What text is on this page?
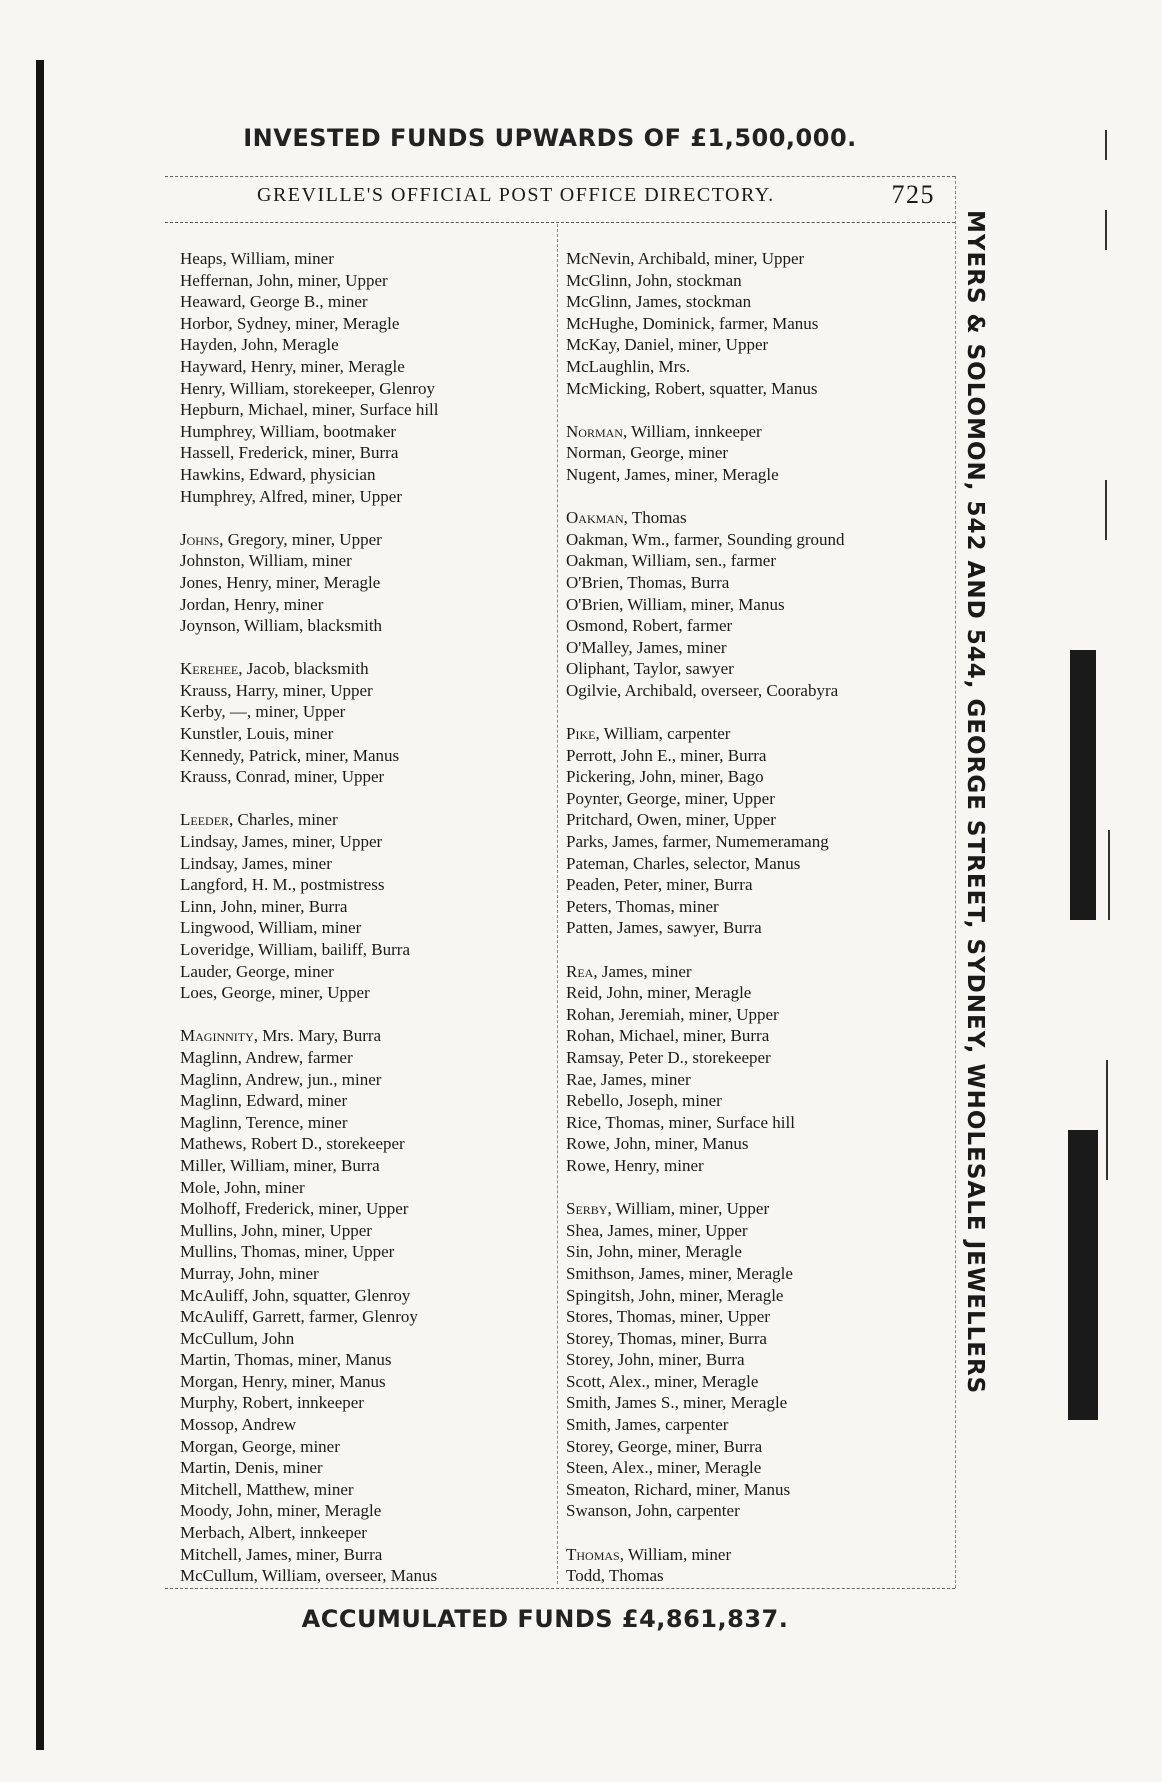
INVESTED FUNDS UPWARDS OF £1,500,000.
GREVILLE'S OFFICIAL POST OFFICE DIRECTORY.	725
Heaps, William, miner
Heffernan, John, miner, Upper
Heaward, George B., miner
Horbor, Sydney, miner, Meragle
Hayden, John, Meragle
Hayward, Henry, miner, Meragle
Henry, William, storekeeper, Glenroy
Hepburn, Michael, miner, Surface hill
Humphrey, William, bootmaker
Hassell, Frederick, miner, Burra
Hawkins, Edward, physician
Humphrey, Alfred, miner, Upper
Johns, Gregory, miner, Upper
Johnston, William, miner
Jones, Henry, miner, Meragle
Jordan, Henry, miner
Joynson, William, blacksmith
Kerehee, Jacob, blacksmith
Krauss, Harry, miner, Upper
Kerby, —, miner, Upper
Kunstler, Louis, miner
Kennedy, Patrick, miner, Manus
Krauss, Conrad, miner, Upper
Leeder, Charles, miner
Lindsay, James, miner, Upper
Lindsay, James, miner
Langford, H. M., postmistress
Linn, John, miner, Burra
Lingwood, William, miner
Loveridge, William, bailiff, Burra
Lauder, George, miner
Loes, George, miner, Upper
Maginnity, Mrs. Mary, Burra
Maglinn, Andrew, farmer
Maglinn, Andrew, jun., miner
Maglinn, Edward, miner
Maglinn, Terence, miner
Mathews, Robert D., storekeeper
Miller, William, miner, Burra
Mole, John, miner
Molhoff, Frederick, miner, Upper
Mullins, John, miner, Upper
Mullins, Thomas, miner, Upper
Murray, John, miner
McAuliff, John, squatter, Glenroy
McAuliff, Garrett, farmer, Glenroy
McCullum, John
Martin, Thomas, miner, Manus
Morgan, Henry, miner, Manus
Murphy, Robert, innkeeper
Mossop, Andrew
Morgan, George, miner
Martin, Denis, miner
Mitchell, Matthew, miner
Moody, John, miner, Meragle
Merbach, Albert, innkeeper
Mitchell, James, miner, Burra
McCullum, William, overseer, Manus
McNevin, Archibald, miner, Upper
McGlinn, John, stockman
McGlinn, James, stockman
McHughe, Dominick, farmer, Manus
McKay, Daniel, miner, Upper
McLaughlin, Mrs.
McMicking, Robert, squatter, Manus
Norman, William, innkeeper
Norman, George, miner
Nugent, James, miner, Meragle
Oakman, Thomas
Oakman, Wm., farmer, Sounding ground
Oakman, William, sen., farmer
O'Brien, Thomas, Burra
O'Brien, William, miner, Manus
Osmond, Robert, farmer
O'Malley, James, miner
Oliphant, Taylor, sawyer
Ogilvie, Archibald, overseer, Coorabyra
Pike, William, carpenter
Perrott, John E., miner, Burra
Pickering, John, miner, Bago
Poynter, George, miner, Upper
Pritchard, Owen, miner, Upper
Parks, James, farmer, Numemeramang
Pateman, Charles, selector, Manus
Peaden, Peter, miner, Burra
Peters, Thomas, miner
Patten, James, sawyer, Burra
Rea, James, miner
Reid, John, miner, Meragle
Rohan, Jeremiah, miner, Upper
Rohan, Michael, miner, Burra
Ramsay, Peter D., storekeeper
Rae, James, miner
Rebello, Joseph, miner
Rice, Thomas, miner, Surface hill
Rowe, John, miner, Manus
Rowe, Henry, miner
Serby, William, miner, Upper
Shea, James, miner, Upper
Sin, John, miner, Meragle
Smithson, James, miner, Meragle
Spingitsh, John, miner, Meragle
Stores, Thomas, miner, Upper
Storey, Thomas, miner, Burra
Storey, John, miner, Burra
Scott, Alex., miner, Meragle
Smith, James S., miner, Meragle
Smith, James, carpenter
Storey, George, miner, Burra
Steen, Alex., miner, Meragle
Smeaton, Richard, miner, Manus
Swanson, John, carpenter
Thomas, William, miner
Todd, Thomas
ACCUMULATED FUNDS £4,861,837.
MYERS & SOLOMON, 542 AND 544, GEORGE STREET, SYDNEY, WHOLESALE JEWELLERS
